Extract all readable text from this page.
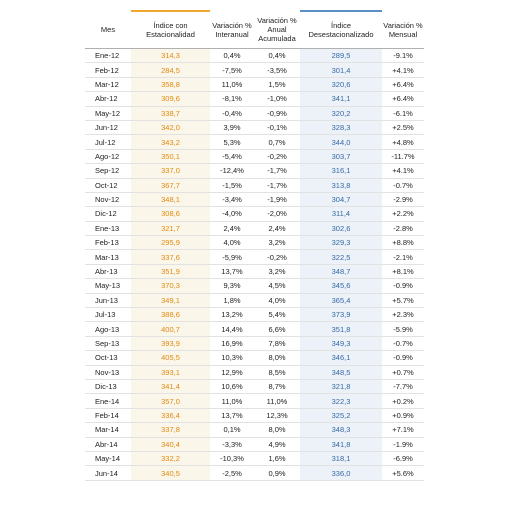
Mes	Índice con Estacionalidad	Variación % Interanual	Variación % Anual Acumulada	Índice Desestacionalizado	Variación % Mensual
Ene-12	314,3	0,4%	0,4%	289,5	-9.1%
Feb-12	284,5	-7,5%	-3,5%	301,4	+4.1%
Mar-12	358,8	11,0%	1,5%	320,6	+6.4%
Abr-12	309,6	-8,1%	-1,0%	341,1	+6.4%
May-12	338,7	-0,4%	-0,9%	320,2	-6.1%
Jun-12	342,0	3,9%	-0,1%	328,3	+2.5%
Jul-12	343,2	5,3%	0,7%	344,0	+4.8%
Ago-12	350,1	-5,4%	-0,2%	303,7	-11.7%
Sep-12	337,0	-12,4%	-1,7%	316,1	+4.1%
Oct-12	367,7	-1,5%	-1,7%	313,8	-0.7%
Nov-12	348,1	-3,4%	-1,9%	304,7	-2.9%
Dic-12	308,6	-4,0%	-2,0%	311,4	+2.2%
Ene-13	321,7	2,4%	2,4%	302,6	-2.8%
Feb-13	295,9	4,0%	3,2%	329,3	+8.8%
Mar-13	337,6	-5,9%	-0,2%	322,5	-2.1%
Abr-13	351,9	13,7%	3,2%	348,7	+8.1%
May-13	370,3	9,3%	4,5%	345,6	-0.9%
Jun-13	349,1	1,8%	4,0%	365,4	+5.7%
Jul-13	388,6	13,2%	5,4%	373,9	+2.3%
Ago-13	400,7	14,4%	6,6%	351,8	-5.9%
Sep-13	393,9	16,9%	7,8%	349,3	-0.7%
Oct-13	405,5	10,3%	8,0%	346,1	-0.9%
Nov-13	393,1	12,9%	8,5%	348,5	+0.7%
Dic-13	341,4	10,6%	8,7%	321,8	-7.7%
Ene-14	357,0	11,0%	11,0%	322,3	+0.2%
Feb-14	336,4	13,7%	12,3%	325,2	+0.9%
Mar-14	337,8	0,1%	8,0%	348,3	+7.1%
Abr-14	340,4	-3,3%	4,9%	341,8	-1.9%
May-14	332,2	-10,3%	1,6%	318,1	-6.9%
Jun-14	340,5	-2,5%	0,9%	336,0	+5.6%
